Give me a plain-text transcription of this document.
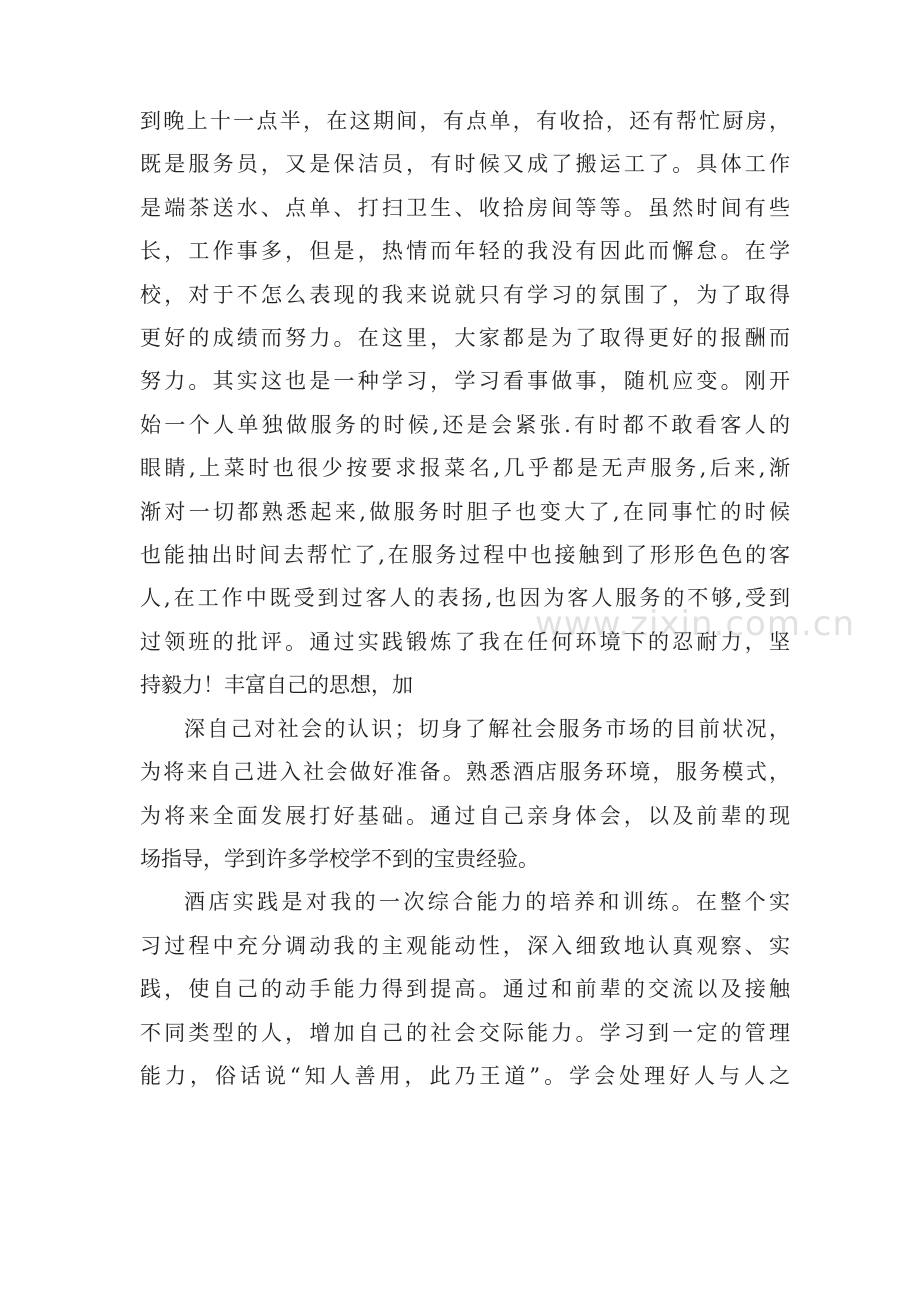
www.zixin.com.cn
到晚上十一点半，在这期间，有点单，有收拾，还有帮忙厨房，
既是服务员，又是保洁员，有时候又成了搬运工了。具体工作
是端茶送水、点单、打扫卫生、收拾房间等等。虽然时间有些
长，工作事多，但是，热情而年轻的我没有因此而懈怠。在学
校，对于不怎么表现的我来说就只有学习的氛围了，为了取得
更好的成绩而努力。在这里，大家都是为了取得更好的报酬而
努力。其实这也是一种学习，学习看事做事，随机应变。刚开
始一个人单独做服务的时候,还是会紧张.有时都不敢看客人的
眼睛,上菜时也很少按要求报菜名,几乎都是无声服务,后来,渐
渐对一切都熟悉起来,做服务时胆子也变大了,在同事忙的时候
也能抽出时间去帮忙了,在服务过程中也接触到了形形色色的客
人,在工作中既受到过客人的表扬,也因为客人服务的不够,受到
过领班的批评。通过实践锻炼了我在任何环境下的忍耐力，坚
持毅力！丰富自己的思想，加
深自己对社会的认识；切身了解社会服务市场的目前状况，
为将来自己进入社会做好准备。熟悉酒店服务环境，服务模式，
为将来全面发展打好基础。通过自己亲身体会，以及前辈的现
场指导，学到许多学校学不到的宝贵经验。
酒店实践是对我的一次综合能力的培养和训练。在整个实
习过程中充分调动我的主观能动性，深入细致地认真观察、实
践，使自己的动手能力得到提高。通过和前辈的交流以及接触
不同类型的人，增加自己的社会交际能力。学习到一定的管理
能力，俗话说“知人善用，此乃王道”。学会处理好人与人之
